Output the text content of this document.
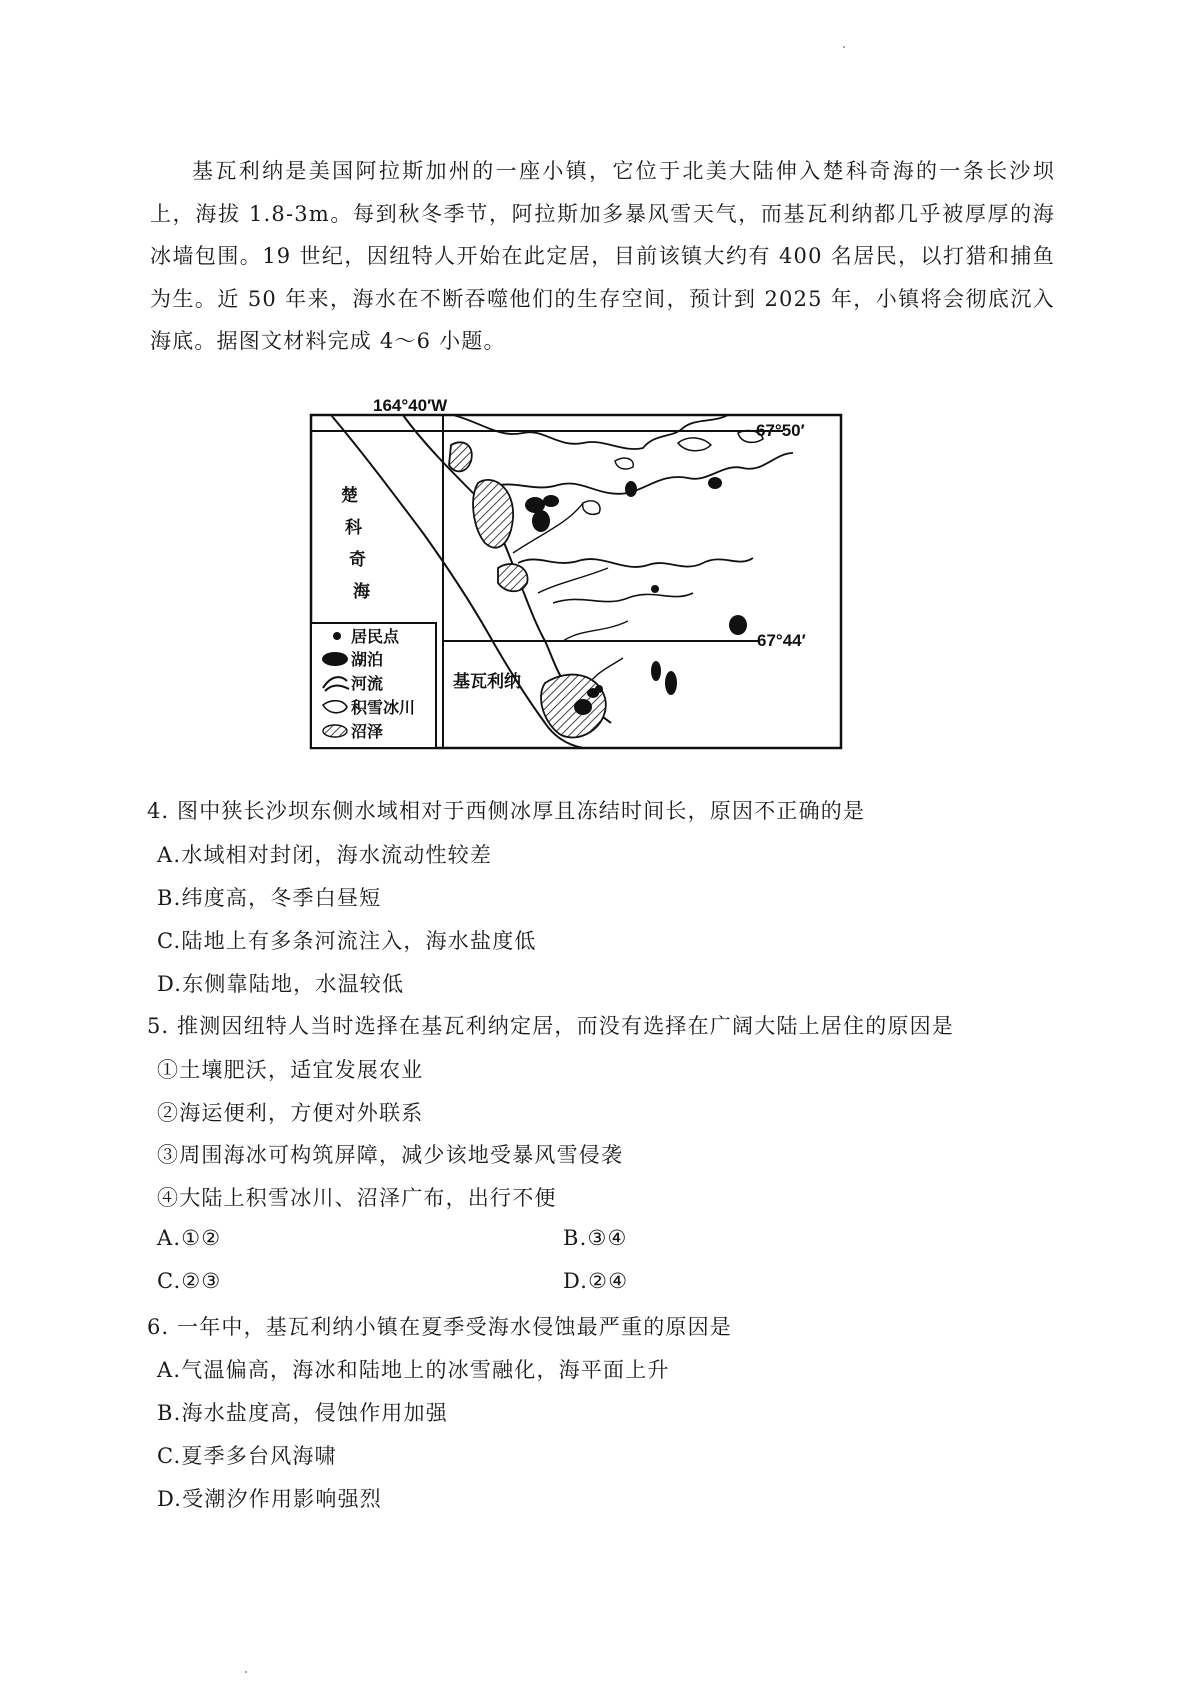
基瓦利纳是美国阿拉斯加州的一座小镇，它位于北美大陆伸入楚科奇海的一条长沙坝上，海拔 1.8-3m。每到秋冬季节，阿拉斯加多暴风雪天气，而基瓦利纳都几乎被厚厚的海冰墙包围。19 世纪，因纽特人开始在此定居，目前该镇大约有 400 名居民，以打猎和捕鱼为生。近 50 年来，海水在不断吞噬他们的生存空间，预计到 2025 年，小镇将会彻底沉入海底。据图文材料完成 4～6 小题。

164°40′W
67°50′
67°44′
楚
科
奇
海
基瓦利纳
居民点
湖泊
河流
积雪冰川
沼泽
4．图中狭长沙坝东侧水域相对于西侧冰厚且冻结时间长，原因不正确的是
A.水域相对封闭，海水流动性较差
B.纬度高，冬季白昼短
C.陆地上有多条河流注入，海水盐度低
D.东侧靠陆地，水温较低
5．推测因纽特人当时选择在基瓦利纳定居，而没有选择在广阔大陆上居住的原因是
①土壤肥沃，适宜发展农业
②海运便利，方便对外联系
③周围海冰可构筑屏障，减少该地受暴风雪侵袭
④大陆上积雪冰川、沼泽广布，出行不便
A.①②	B.③④
C.②③	D.②④
6．一年中，基瓦利纳小镇在夏季受海水侵蚀最严重的原因是
A.气温偏高，海冰和陆地上的冰雪融化，海平面上升
B.海水盐度高，侵蚀作用加强
C.夏季多台风海啸
D.受潮汐作用影响强烈
